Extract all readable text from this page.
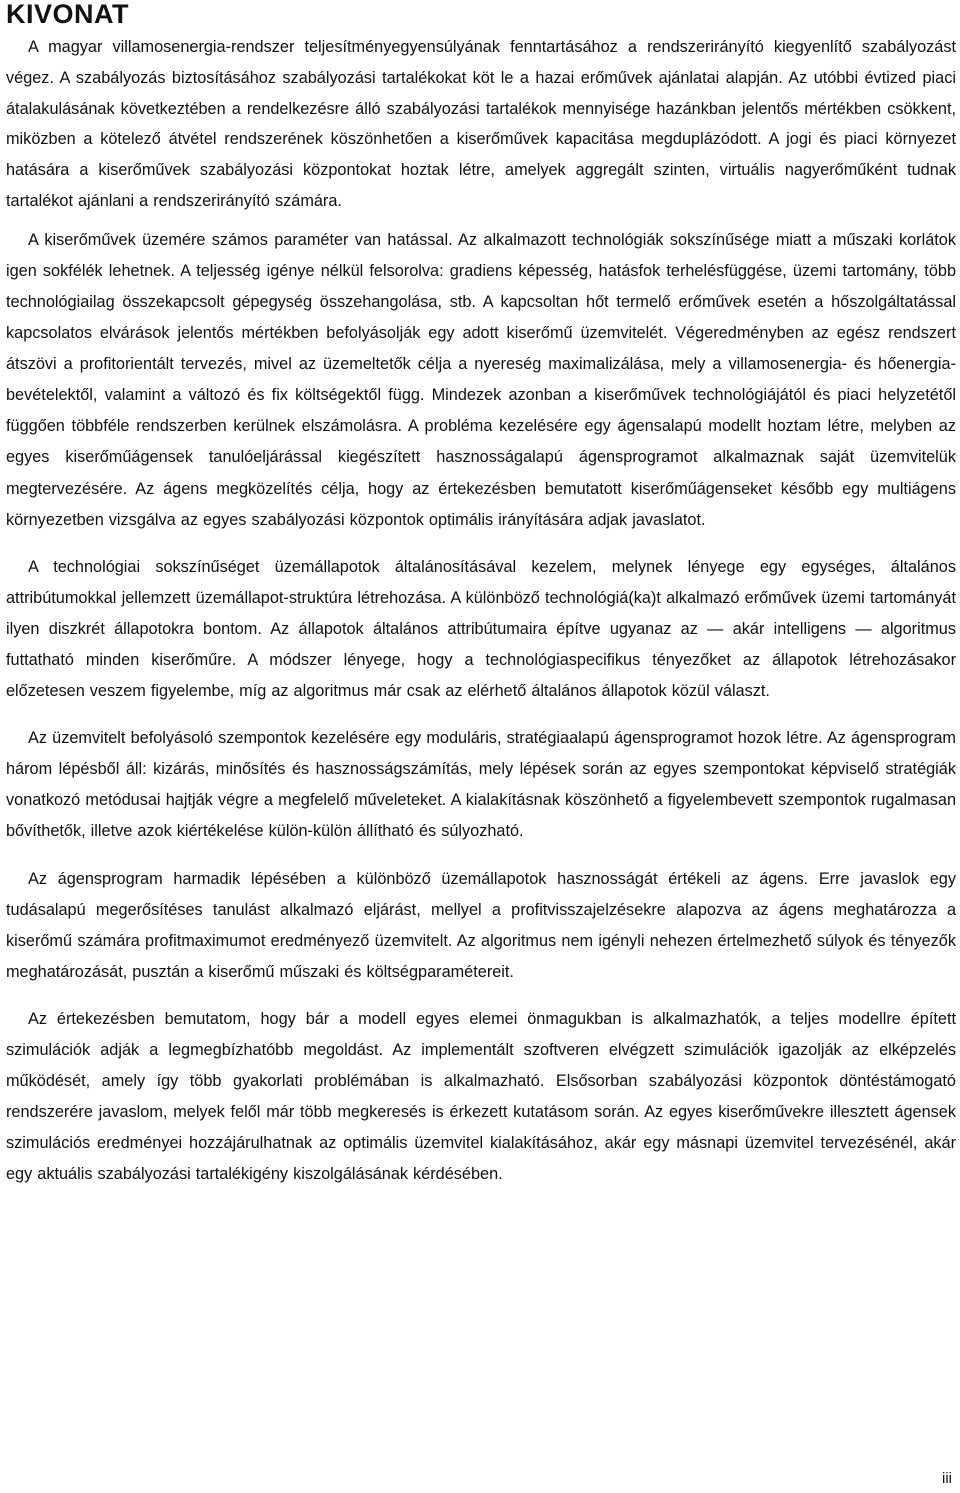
KIVONAT

A magyar villamosenergia-rendszer teljesítményegyensúlyának fenntartásához a rendszerirányító kiegyenlítő szabályozást végez. A szabályozás biztosításához szabályozási tartalékokat köt le a hazai erőművek ajánlatai alapján. Az utóbbi évtized piaci átalakulásának következtében a rendelkezésre álló szabályozási tartalékok mennyisége hazánkban jelentős mértékben csökkent, miközben a kötelező átvétel rendszerének köszönhetően a kiserőművek kapacitása megduplázódott. A jogi és piaci környezet hatására a kiserőművek szabályozási központokat hoztak létre, amelyek aggregált szinten, virtuális nagyerőműként tudnak tartalékot ajánlani a rendszerirányító számára.

A kiserőművek üzemére számos paraméter van hatással. Az alkalmazott technológiák sokszínűsége miatt a műszaki korlátok igen sokfélék lehetnek. A teljesség igénye nélkül felsorolva: gradiens képesség, hatásfok terhelésfüggése, üzemi tartomány, több technológiailag összekapcsolt gépegység összehangolása, stb. A kapcsoltan hőt termelő erőművek esetén a hőszolgáltatással kapcsolatos elvárások jelentős mértékben befolyásolják egy adott kiserőmű üzemvitelét. Végeredményben az egész rendszert átszövi a profitorientált tervezés, mivel az üzemeltetők célja a nyereség maximalizálása, mely a villamosenergia- és hőenergia-bevételektől, valamint a változó és fix költségektől függ. Mindezek azonban a kiserőművek technológiájától és piaci helyzetétől függően többféle rendszerben kerülnek elszámolásra. A probléma kezelésére egy ágensalapú modellt hoztam létre, melyben az egyes kiserőműágensek tanulóeljárással kiegészített hasznosságalapú ágensprogramot alkalmaznak saját üzemvitelük megtervezésére. Az ágens megközelítés célja, hogy az értekezésben bemutatott kiserőműágenseket később egy multiágens környezetben vizsgálva az egyes szabályozási központok optimális irányítására adjak javaslatot.

A technológiai sokszínűséget üzemállapotok általánosításával kezelem, melynek lényege egy egységes, általános attribútumokkal jellemzett üzemállapot-struktúra létrehozása. A különböző technológiá(ka)t alkalmazó erőművek üzemi tartományát ilyen diszkrét állapotokra bontom. Az állapotok általános attribútumaira építve ugyanaz az — akár intelligens — algoritmus futtatható minden kiserőműre. A módszer lényege, hogy a technológiaspecifikus tényezőket az állapotok létrehozásakor előzetesen veszem figyelembe, míg az algoritmus már csak az elérhető általános állapotok közül választ.

Az üzemvitelt befolyásoló szempontok kezelésére egy moduláris, stratégiaalapú ágensprogramot hozok létre. Az ágensprogram három lépésből áll: kizárás, minősítés és hasznosságszámítás, mely lépések során az egyes szempontokat képviselő stratégiák vonatkozó metódusai hajtják végre a megfelelő műveleteket. A kialakításnak köszönhető a figyelembevett szempontok rugalmasan bővíthetők, illetve azok kiértékelése külön-külön állítható és súlyozható.

Az ágensprogram harmadik lépésében a különböző üzemállapotok hasznosságát értékeli az ágens. Erre javaslok egy tudásalapú megerősítéses tanulást alkalmazó eljárást, mellyel a profitvisszajelzésekre alapozva az ágens meghatározza a kiserőmű számára profitmaximumot eredményező üzemvitelt. Az algoritmus nem igényli nehezen értelmezhető súlyok és tényezők meghatározását, pusztán a kiserőmű műszaki és költségparamétereit.

Az értekezésben bemutatom, hogy bár a modell egyes elemei önmagukban is alkalmazhatók, a teljes modellre épített szimulációk adják a legmegbízhatóbb megoldást. Az implementált szoftveren elvégzett szimulációk igazolják az elképzelés működését, amely így több gyakorlati problémában is alkalmazható. Elsősorban szabályozási központok döntéstámogató rendszerére javaslom, melyek felől már több megkeresés is érkezett kutatásom során. Az egyes kiserőművekre illesztett ágensek szimulációs eredményei hozzájárulhatnak az optimális üzemvitel kialakításához, akár egy másnapi üzemvitel tervezésénél, akár egy aktuális szabályozási tartalékigény kiszolgálásának kérdésében.

iii
